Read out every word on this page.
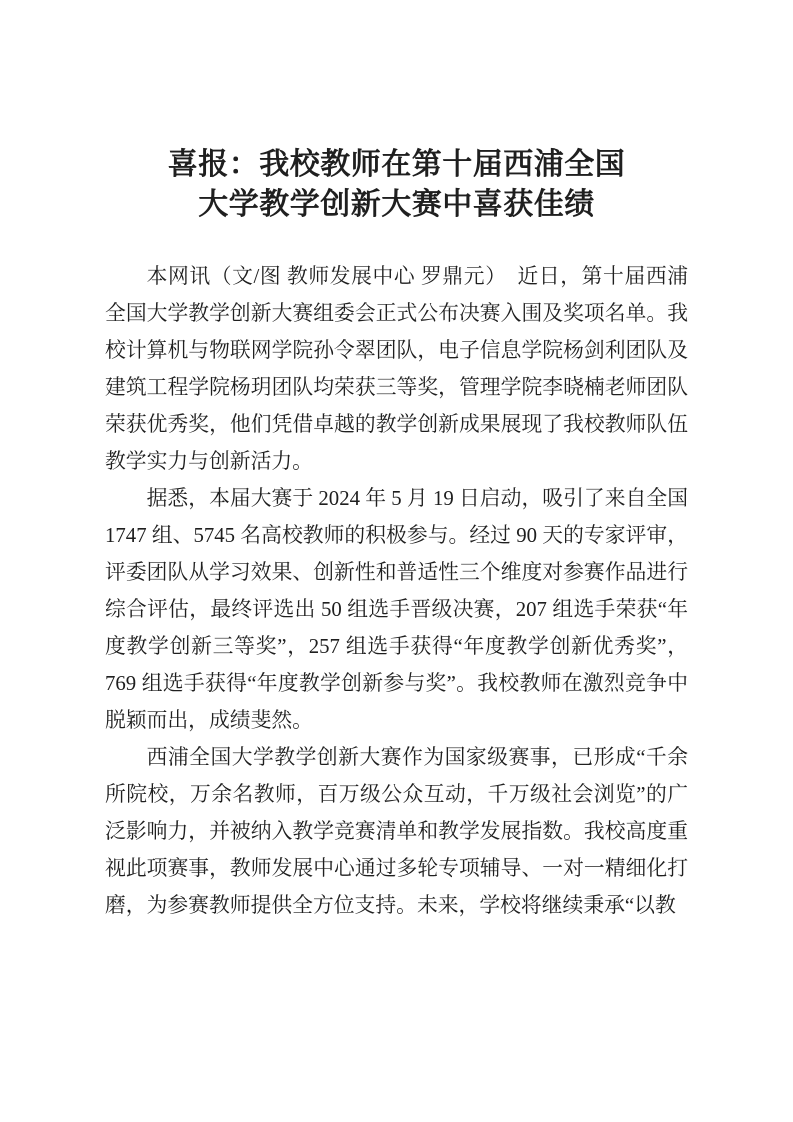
喜报：我校教师在第十届西浦全国
大学教学创新大赛中喜获佳绩

本网讯（文/图 教师发展中心 罗鼎元）　近日，第十届西浦全国大学教学创新大赛组委会正式公布决赛入围及奖项名单。我校计算机与物联网学院孙令翠团队，电子信息学院杨剑利团队及建筑工程学院杨玥团队均荣获三等奖，管理学院李晓楠老师团队荣获优秀奖，他们凭借卓越的教学创新成果展现了我校教师队伍教学实力与创新活力。

据悉，本届大赛于 2024 年 5 月 19 日启动，吸引了来自全国 1747 组、5745 名高校教师的积极参与。经过 90 天的专家评审，评委团队从学习效果、创新性和普适性三个维度对参赛作品进行综合评估，最终评选出 50 组选手晋级决赛，207 组选手荣获“年度教学创新三等奖”，257 组选手获得“年度教学创新优秀奖”，769 组选手获得“年度教学创新参与奖”。我校教师在激烈竞争中脱颖而出，成绩斐然。

西浦全国大学教学创新大赛作为国家级赛事，已形成“千余所院校，万余名教师，百万级公众互动，千万级社会浏览”的广泛影响力，并被纳入教学竞赛清单和教学发展指数。我校高度重视此项赛事，教师发展中心通过多轮专项辅导、一对一精细化打磨，为参赛教师提供全方位支持。未来，学校将继续秉承“以教
